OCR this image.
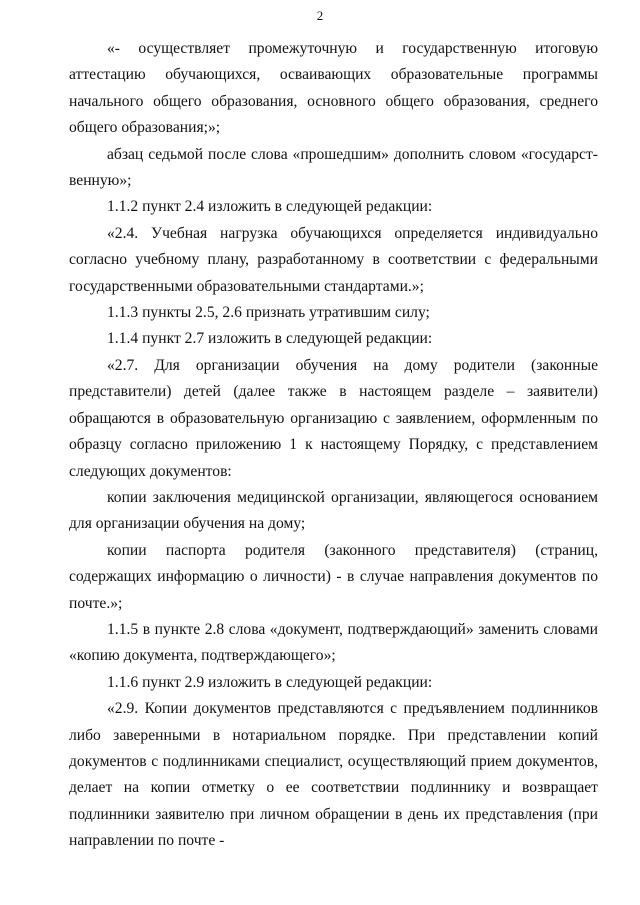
2

«- осуществляет промежуточную и государственную итоговую аттестацию обучающихся, осваивающих образовательные программы начального общего образования, основного общего образования, среднего общего образования;»;

абзац седьмой после слова «прошедшим» дополнить словом «государственную»;

1.1.2 пункт 2.4 изложить в следующей редакции:

«2.4. Учебная нагрузка обучающихся определяется индивидуально согласно учебному плану, разработанному в соответствии с федеральными государственными образовательными стандартами.»;

1.1.3 пункты 2.5, 2.6 признать утратившим силу;

1.1.4 пункт 2.7 изложить в следующей редакции:

«2.7. Для организации обучения на дому родители (законные представители) детей (далее также в настоящем разделе – заявители) обращаются в образовательную организацию с заявлением, оформленным по образцу согласно приложению 1 к настоящему Порядку, с представлением следующих документов:

копии заключения медицинской организации, являющегося основанием для организации обучения на дому;

копии паспорта родителя (законного представителя) (страниц, содержащих информацию о личности) - в случае направления документов по почте.»;

1.1.5 в пункте 2.8 слова «документ, подтверждающий» заменить словами «копию документа, подтверждающего»;

1.1.6 пункт 2.9 изложить в следующей редакции:

«2.9. Копии документов представляются с предъявлением подлинников либо заверенными в нотариальном порядке. При представлении копий документов с подлинниками специалист, осуществляющий прием документов, делает на копии отметку о ее соответствии подлиннику и возвращает подлинники заявителю при личном обращении в день их представления (при направлении по почте -
